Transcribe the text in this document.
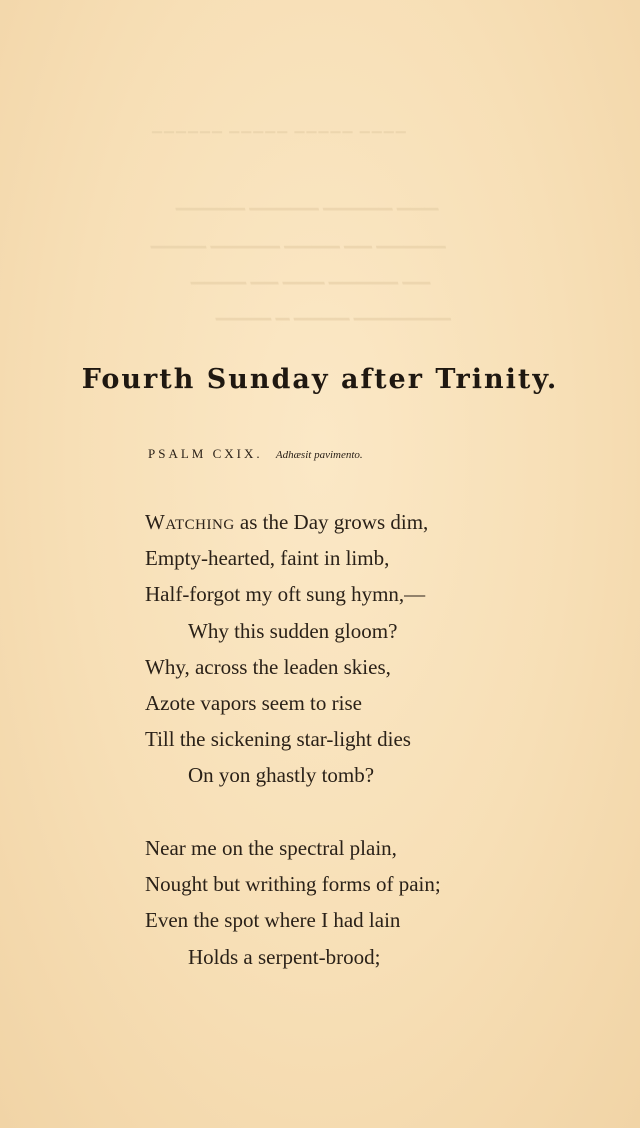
▁▁▁▁ ▁▁▁▁▁ ▁▁▁▁▁ ▁▁▁▁▁▁
▁▁▁ ▁▁▁▁▁ ▁▁▁▁▁ ▁▁▁▁▁
▁▁▁▁▁ ▁▁ ▁▁▁▁ ▁▁▁▁▁ ▁▁▁▁
▁▁ ▁▁▁▁▁ ▁▁▁ ▁▁ ▁▁▁▁
▁▁▁▁▁▁▁ ▁▁▁▁ ▁ ▁▁▁▁
Fourth Sunday after Trinity.
PSALM CXIX. Adhæsit pavimento.
Watching as the Day grows dim,
Empty-hearted, faint in limb,
Half-forgot my oft sung hymn,—
Why this sudden gloom?
Why, across the leaden skies,
Azote vapors seem to rise
Till the sickening star-light dies
On yon ghastly tomb?
Near me on the spectral plain,
Nought but writhing forms of pain;
Even the spot where I had lain
Holds a serpent-brood;
